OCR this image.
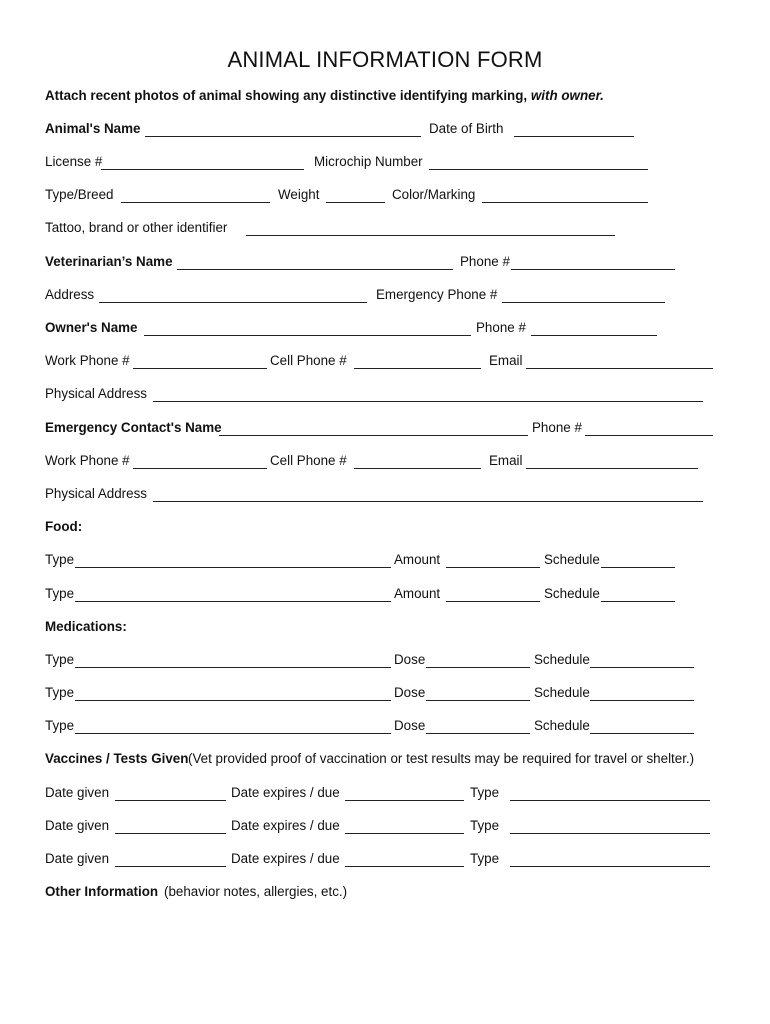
ANIMAL INFORMATION FORM
Attach recent photos of animal showing any distinctive identifying marking, with owner.
Animal's Name	Date of Birth
License #	Microchip Number
Type/Breed	Weight	Color/Marking
Tattoo, brand or other identifier
Veterinarian’s Name	Phone #
Address	Emergency Phone #
Owner's Name	Phone #
Work Phone #	Cell Phone #	Email
Physical Address
Emergency Contact's Name	Phone #
Work Phone #	Cell Phone #	Email
Physical Address
Food:
Type	Amount	Schedule
Type	Amount	Schedule
Medications:
Type	Dose	Schedule
Type	Dose	Schedule
Type	Dose	Schedule
Vaccines / Tests Given (Vet provided proof of vaccination or test results may be required for travel or shelter.)
Date given	Date expires / due	Type
Date given	Date expires / due	Type
Date given	Date expires / due	Type
Other Information (behavior notes, allergies, etc.)
